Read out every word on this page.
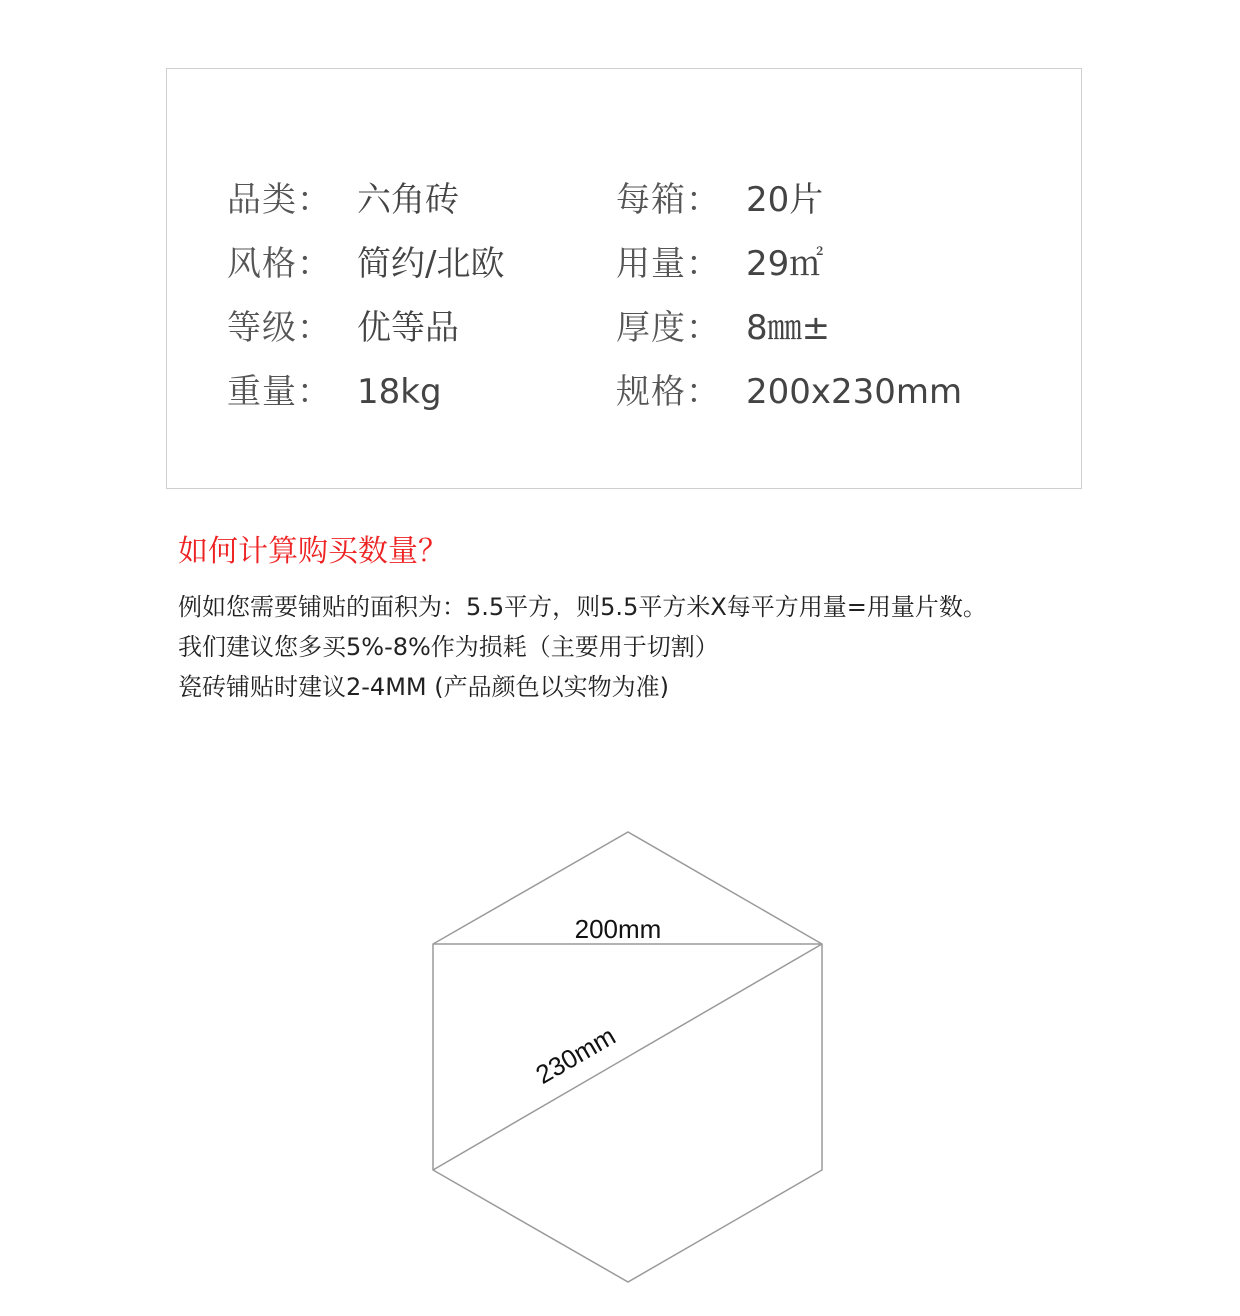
品类： 六角砖
风格： 简约/北欧
等级： 优等品
重量： 18kg
每箱： 20片
用量： 29㎡
厚度： 8㎜±
规格： 200x230mm
如何计算购买数量？
例如您需要铺贴的面积为：5.5平方，则5.5平方米X每平方用量=用量片数。
我们建议您多买5%-8%作为损耗（主要用于切割）
瓷砖铺贴时建议2-4MM (产品颜色以实物为准)
200mm
230mm
